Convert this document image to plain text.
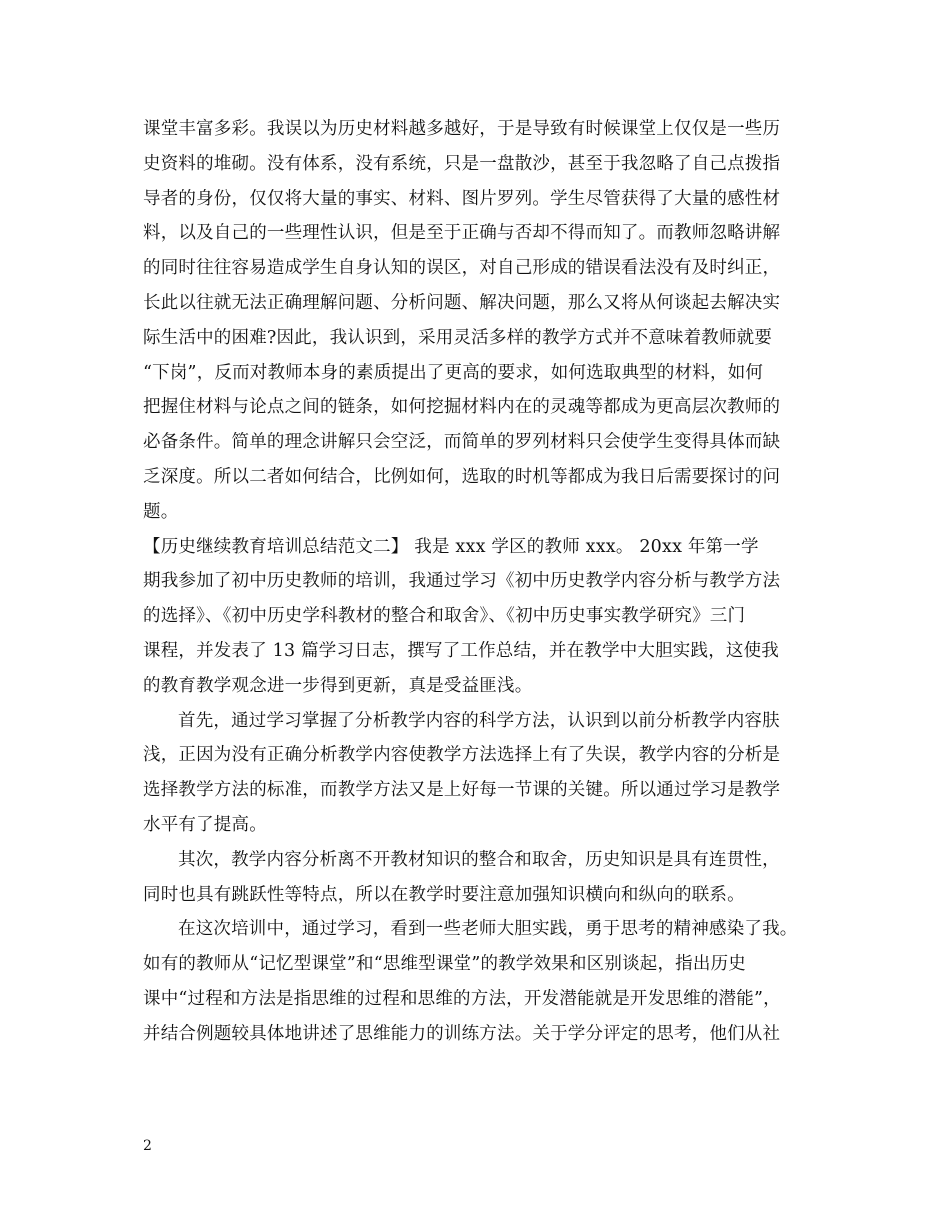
课堂丰富多彩。我误以为历史材料越多越好，于是导致有时候课堂上仅仅是一些历
史资料的堆砌。没有体系，没有系统，只是一盘散沙，甚至于我忽略了自己点拨指
导者的身份，仅仅将大量的事实、材料、图片罗列。学生尽管获得了大量的感性材
料，以及自己的一些理性认识，但是至于正确与否却不得而知了。而教师忽略讲解
的同时往往容易造成学生自身认知的误区，对自己形成的错误看法没有及时纠正，
长此以往就无法正确理解问题、分析问题、解决问题，那么又将从何谈起去解决实
际生活中的困难?因此，我认识到，采用灵活多样的教学方式并不意味着教师就要
“下岗”，反而对教师本身的素质提出了更高的要求，如何选取典型的材料，如何
把握住材料与论点之间的链条，如何挖掘材料内在的灵魂等都成为更高层次教师的
必备条件。简单的理念讲解只会空泛，而简单的罗列材料只会使学生变得具体而缺
乏深度。所以二者如何结合，比例如何，选取的时机等都成为我日后需要探讨的问
题。
【历史继续教育培训总结范文二】 我是 xxx 学区的教师 xxx。 20xx 年第一学
期我参加了初中历史教师的培训，我通过学习《初中历史教学内容分析与教学方法
的选择》、《初中历史学科教材的整合和取舍》、《初中历史事实教学研究》三门
课程，并发表了 13 篇学习日志，撰写了工作总结，并在教学中大胆实践，这使我
的教育教学观念进一步得到更新，真是受益匪浅。
首先，通过学习掌握了分析教学内容的科学方法，认识到以前分析教学内容肤
浅，正因为没有正确分析教学内容使教学方法选择上有了失误，教学内容的分析是
选择教学方法的标准，而教学方法又是上好每一节课的关键。所以通过学习是教学
水平有了提高。
其次，教学内容分析离不开教材知识的整合和取舍，历史知识是具有连贯性，
同时也具有跳跃性等特点，所以在教学时要注意加强知识横向和纵向的联系。
在这次培训中，通过学习，看到一些老师大胆实践，勇于思考的精神感染了我。
如有的教师从“记忆型课堂”和“思维型课堂”的教学效果和区别谈起，指出历史
课中“过程和方法是指思维的过程和思维的方法，开发潜能就是开发思维的潜能”，
并结合例题较具体地讲述了思维能力的训练方法。关于学分评定的思考，他们从社
2
